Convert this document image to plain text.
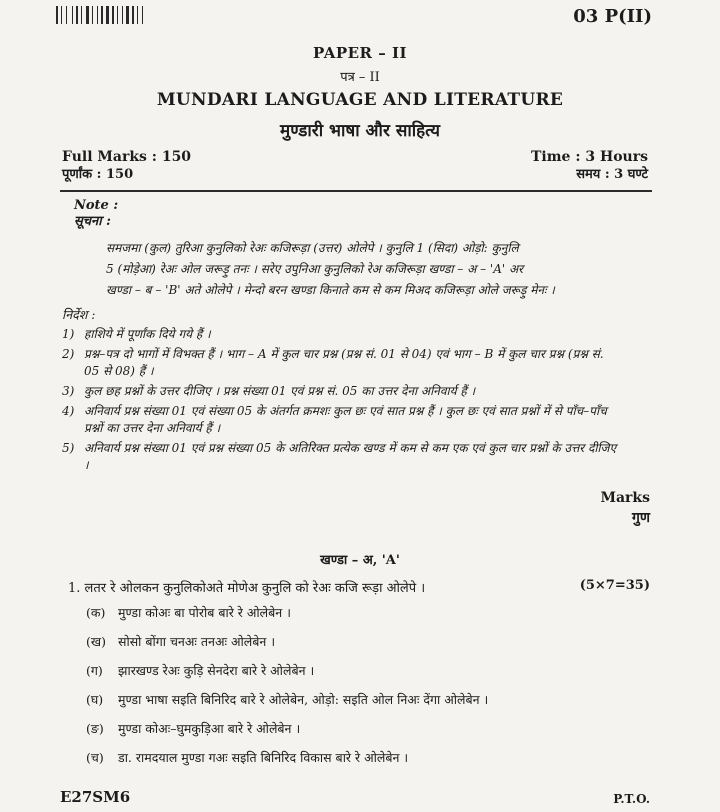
03 P(II)
PAPER – II
पत्र – II
MUNDARI LANGUAGE AND LITERATURE
मुण्डारी भाषा और साहित्य
Full Marks : 150
पूर्णांक : 150
Time : 3 Hours
समय : 3 घण्टे
Note :
सूचना :
समजमा (कुल) तुरिआ कुनुलिको रेअः कजिरूड़ा (उत्तर) ओलेपे । कुनुलि 1 (सिदा) ओड़ो: कुनुलि
5 (मोड़ेआ) रेअः ओल जरूड़ु तनः । सरेए उपुनिआ कुनुलिको रेअ कजिरूड़ा खण्डा – अ – 'A' अर
खण्डा – ब – 'B' अते ओलेपे । मेन्दो बरन खण्डा किनाते कम से कम मिअद कजिरूड़ा ओले जरूड़ु मेनः ।
निर्देश :
1) हाशिये में पूर्णांक दिये गये हैं ।
2) प्रश्न–पत्र दो भागों में विभक्त हैं । भाग – A में कुल चार प्रश्न (प्रश्न सं. 01 से 04) एवं भाग – B में कुल चार प्रश्न (प्रश्न सं. 05 से 08) हैं ।
3) कुल छह प्रश्नों के उत्तर दीजिए । प्रश्न संख्या 01 एवं प्रश्न सं. 05 का उत्तर देना अनिवार्य हैं ।
4) अनिवार्य प्रश्न संख्या 01 एवं संख्या 05 के अंतर्गत क्रमशः कुल छः एवं सात प्रश्न हैं । कुल छः एवं सात प्रश्नों में से पाँच–पाँच प्रश्नों का उत्तर देना अनिवार्य हैं ।
5) अनिवार्य प्रश्न संख्या 01 एवं प्रश्न संख्या 05 के अतिरिक्त प्रत्येक खण्ड में कम से कम एक एवं कुल चार प्रश्नों के उत्तर दीजिए ।
Marks
गुण
खण्डा – अ, 'A'
1. लतर रे ओलकन कुनुलिकोअते मोणेअ कुनुलि को रेअः कजि रूड़ा ओलेपे ।	(5×7=35)
(क)	मुण्डा कोअः बा पोरोब बारे रे ओलेबेन ।
(ख) सोसो बोंगा चनअः तनअः ओलेबेन ।
(ग)	झारखण्ड रेअः कुड़ि सेनदेरा बारे रे ओलेबेन ।
(घ)	मुण्डा भाषा सइति बिनिरिद बारे रे ओलेबेन, ओड़ो: सइति ओल निअः देंगा ओलेबेन ।
(ङ)	मुण्डा कोअः–घुमकुड़िआ बारे रे ओलेबेन ।
(च)	डा. रामदयाल मुण्डा गअः सइति बिनिरिद विकास बारे रे ओलेबेन ।
E27SM6	P.T.O.
